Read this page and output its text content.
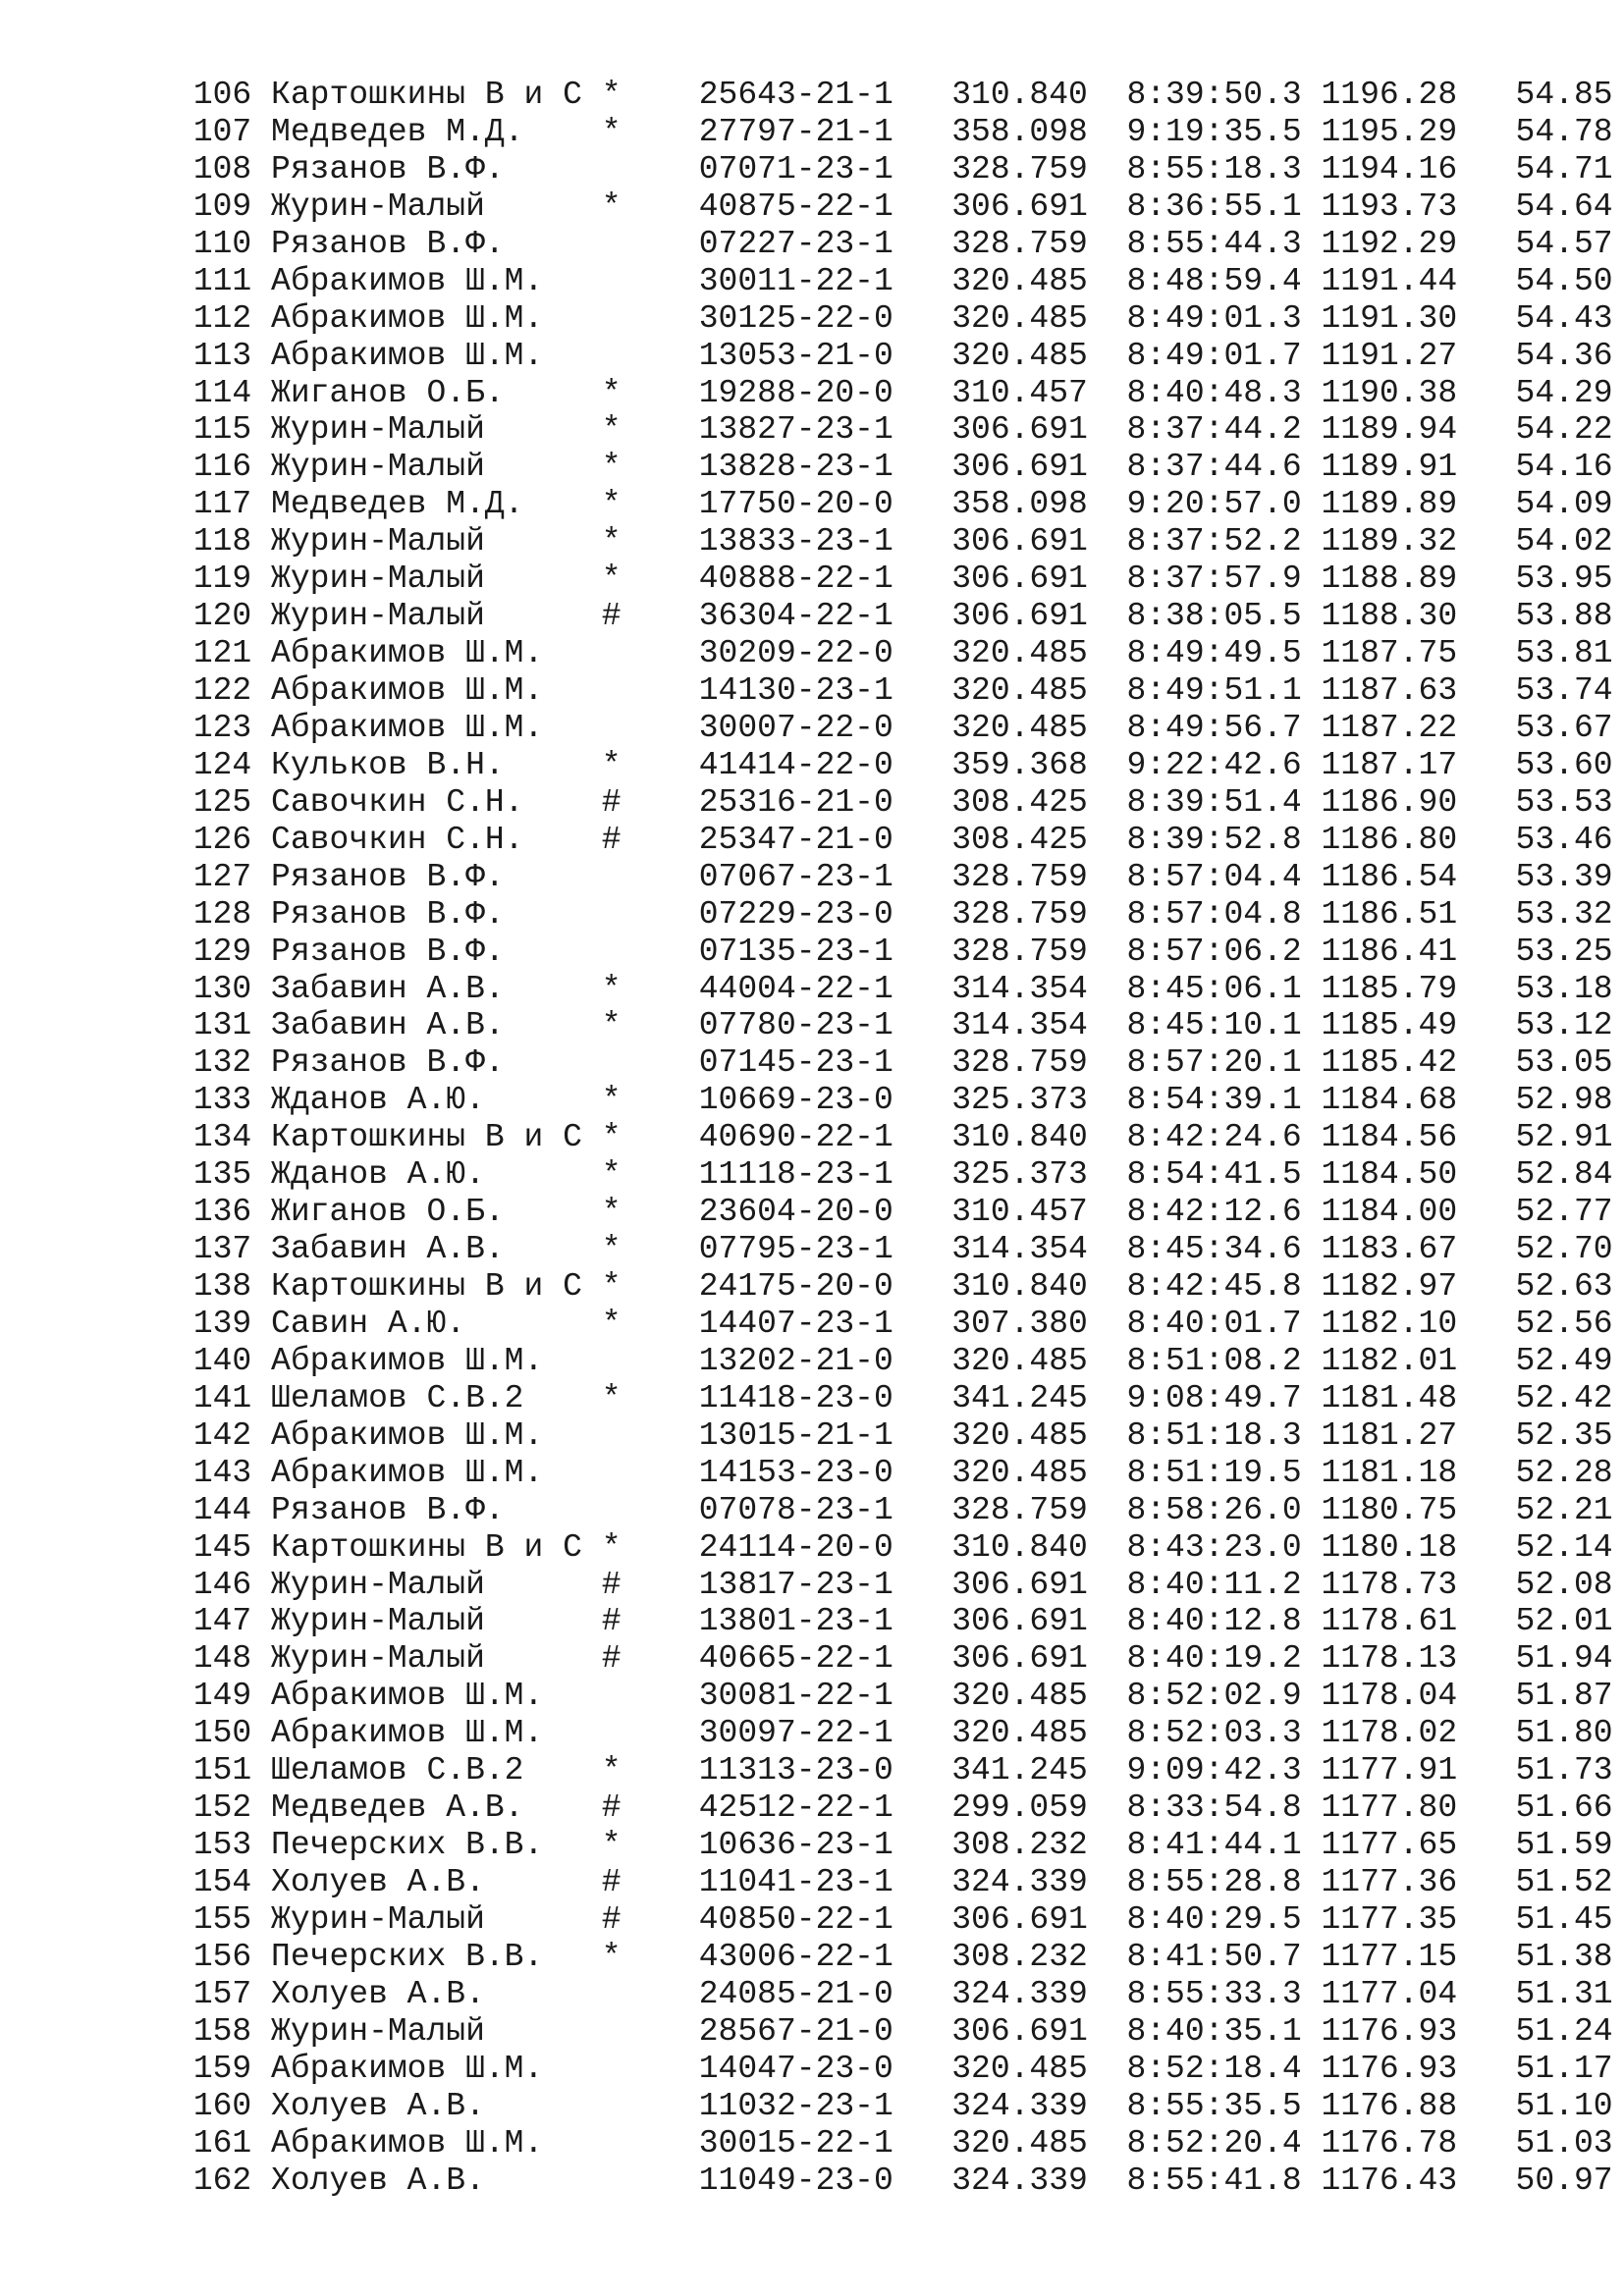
106 Картошкины В и С * 25643-21-1 310.840 8:39:50.3 1196.28 54.85
107 Медведев М.Д. * 27797-21-1 358.098 9:19:35.5 1195.29 54.78
108 Рязанов В.Ф.	07071-23-1 328.759 8:55:18.3 1194.16 54.71
109 Журин-Малый	* 40875-22-1 306.691 8:36:55.1 1193.73 54.64
110 Рязанов В.Ф.	07227-23-1 328.759 8:55:44.3 1192.29 54.57
111 Абракимов Ш.М.	30011-22-1 320.485 8:48:59.4 1191.44 54.50
112 Абракимов Ш.М.	30125-22-0 320.485 8:49:01.3 1191.30 54.43
113 Абракимов Ш.М.	13053-21-0 320.485 8:49:01.7 1191.27 54.36
114 Жиганов О.Б.	* 19288-20-0 310.457 8:40:48.3 1190.38 54.29
115 Журин-Малый	* 13827-23-1 306.691 8:37:44.2 1189.94 54.22
116 Журин-Малый	* 13828-23-1 306.691 8:37:44.6 1189.91 54.16
117 Медведев М.Д. * 17750-20-0 358.098 9:20:57.0 1189.89 54.09
118 Журин-Малый	* 13833-23-1 306.691 8:37:52.2 1189.32 54.02
119 Журин-Малый	* 40888-22-1 306.691 8:37:57.9 1188.89 53.95
120 Журин-Малый	# 36304-22-1 306.691 8:38:05.5 1188.30 53.88
121 Абракимов Ш.М.	30209-22-0 320.485 8:49:49.5 1187.75 53.81
122 Абракимов Ш.М.	14130-23-1 320.485 8:49:51.1 1187.63 53.74
123 Абракимов Ш.М.	30007-22-0 320.485 8:49:56.7 1187.22 53.67
124 Кульков В.Н.	* 41414-22-0 359.368 9:22:42.6 1187.17 53.60
125 Савочкин С.Н. # 25316-21-0 308.425 8:39:51.4 1186.90 53.53
126 Савочкин С.Н. # 25347-21-0 308.425 8:39:52.8 1186.80 53.46
127 Рязанов В.Ф.	07067-23-1 328.759 8:57:04.4 1186.54 53.39
128 Рязанов В.Ф.	07229-23-0 328.759 8:57:04.8 1186.51 53.32
129 Рязанов В.Ф.	07135-23-1 328.759 8:57:06.2 1186.41 53.25
130 Забавин А.В.	* 44004-22-1 314.354 8:45:06.1 1185.79 53.18
131 Забавин А.В.	* 07780-23-1 314.354 8:45:10.1 1185.49 53.12
132 Рязанов В.Ф.	07145-23-1 328.759 8:57:20.1 1185.42 53.05
133 Жданов А.Ю.	* 10669-23-0 325.373 8:54:39.1 1184.68 52.98
134 Картошкины В и С * 40690-22-1 310.840 8:42:24.6 1184.56 52.91
135 Жданов А.Ю.	* 11118-23-1 325.373 8:54:41.5 1184.50 52.84
136 Жиганов О.Б.	* 23604-20-0 310.457 8:42:12.6 1184.00 52.77
137 Забавин А.В.	* 07795-23-1 314.354 8:45:34.6 1183.67 52.70
138 Картошкины В и С * 24175-20-0 310.840 8:42:45.8 1182.97 52.63
139 Савин А.Ю.	* 14407-23-1 307.380 8:40:01.7 1182.10 52.56
140 Абракимов Ш.М.	13202-21-0 320.485 8:51:08.2 1182.01 52.49
141 Шеламов С.В.2 * 11418-23-0 341.245 9:08:49.7 1181.48 52.42
142 Абракимов Ш.М.	13015-21-1 320.485 8:51:18.3 1181.27 52.35
143 Абракимов Ш.М.	14153-23-0 320.485 8:51:19.5 1181.18 52.28
144 Рязанов В.Ф.	07078-23-1 328.759 8:58:26.0 1180.75 52.21
145 Картошкины В и С * 24114-20-0 310.840 8:43:23.0 1180.18 52.14
146 Журин-Малый	# 13817-23-1 306.691 8:40:11.2 1178.73 52.08
147 Журин-Малый	# 13801-23-1 306.691 8:40:12.8 1178.61 52.01
148 Журин-Малый	# 40665-22-1 306.691 8:40:19.2 1178.13 51.94
149 Абракимов Ш.М.	30081-22-1 320.485 8:52:02.9 1178.04 51.87
150 Абракимов Ш.М.	30097-22-1 320.485 8:52:03.3 1178.02 51.80
151 Шеламов С.В.2 * 11313-23-0 341.245 9:09:42.3 1177.91 51.73
152 Медведев А.В. # 42512-22-1 299.059 8:33:54.8 1177.80 51.66
153 Печерских В.В. * 10636-23-1 308.232 8:41:44.1 1177.65 51.59
154 Холуев А.В.	# 11041-23-1 324.339 8:55:28.8 1177.36 51.52
155 Журин-Малый	# 40850-22-1 306.691 8:40:29.5 1177.35 51.45
156 Печерских В.В. * 43006-22-1 308.232 8:41:50.7 1177.15 51.38
157 Холуев А.В.	24085-21-0 324.339 8:55:33.3 1177.04 51.31
158 Журин-Малый	28567-21-0 306.691 8:40:35.1 1176.93 51.24
159 Абракимов Ш.М.	14047-23-0 320.485 8:52:18.4 1176.93 51.17
160 Холуев А.В.	11032-23-1 324.339 8:55:35.5 1176.88 51.10
161 Абракимов Ш.М.	30015-22-1 320.485 8:52:20.4 1176.78 51.03
162 Холуев А.В.	11049-23-0 324.339 8:55:41.8 1176.43 50.97
